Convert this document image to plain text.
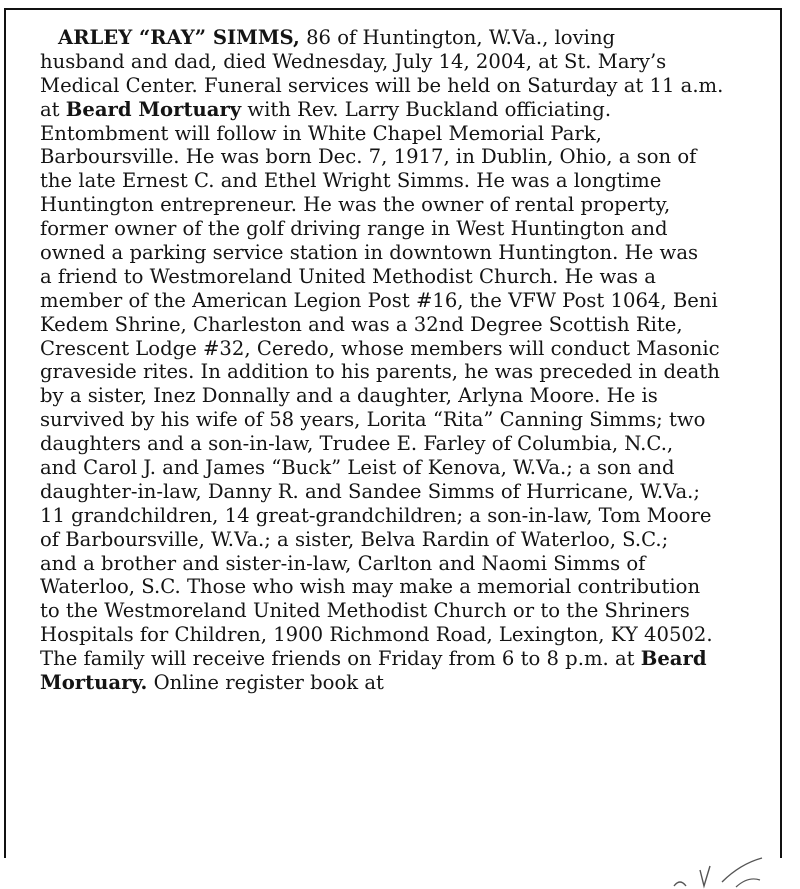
ARLEY “RAY” SIMMS, 86 of Huntington, W.Va., loving
husband and dad, died Wednesday, July 14, 2004, at St. Mary’s
Medical Center. Funeral services will be held on Saturday at 11 a.m.
at Beard Mortuary with Rev. Larry Buckland officiating.
Entombment will follow in White Chapel Memorial Park,
Barboursville. He was born Dec. 7, 1917, in Dublin, Ohio, a son of
the late Ernest C. and Ethel Wright Simms. He was a longtime
Huntington entrepreneur. He was the owner of rental property,
former owner of the golf driving range in West Huntington and
owned a parking service station in downtown Huntington. He was
a friend to Westmoreland United Methodist Church. He was a
member of the American Legion Post #16, the VFW Post 1064, Beni
Kedem Shrine, Charleston and was a 32nd Degree Scottish Rite,
Crescent Lodge #32, Ceredo, whose members will conduct Masonic
graveside rites. In addition to his parents, he was preceded in death
by a sister, Inez Donnally and a daughter, Arlyna Moore. He is
survived by his wife of 58 years, Lorita “Rita” Canning Simms; two
daughters and a son-in-law, Trudee E. Farley of Columbia, N.C.,
and Carol J. and James “Buck” Leist of Kenova, W.Va.; a son and
daughter-in-law, Danny R. and Sandee Simms of Hurricane, W.Va.;
11 grandchildren, 14 great-grandchildren; a son-in-law, Tom Moore
of Barboursville, W.Va.; a sister, Belva Rardin of Waterloo, S.C.;
and a brother and sister-in-law, Carlton and Naomi Simms of
Waterloo, S.C. Those who wish may make a memorial contribution
to the Westmoreland United Methodist Church or to the Shriners
Hospitals for Children, 1900 Richmond Road, Lexington, KY 40502.
The family will receive friends on Friday from 6 to 8 p.m. at Beard
Mortuary. Online register book at
